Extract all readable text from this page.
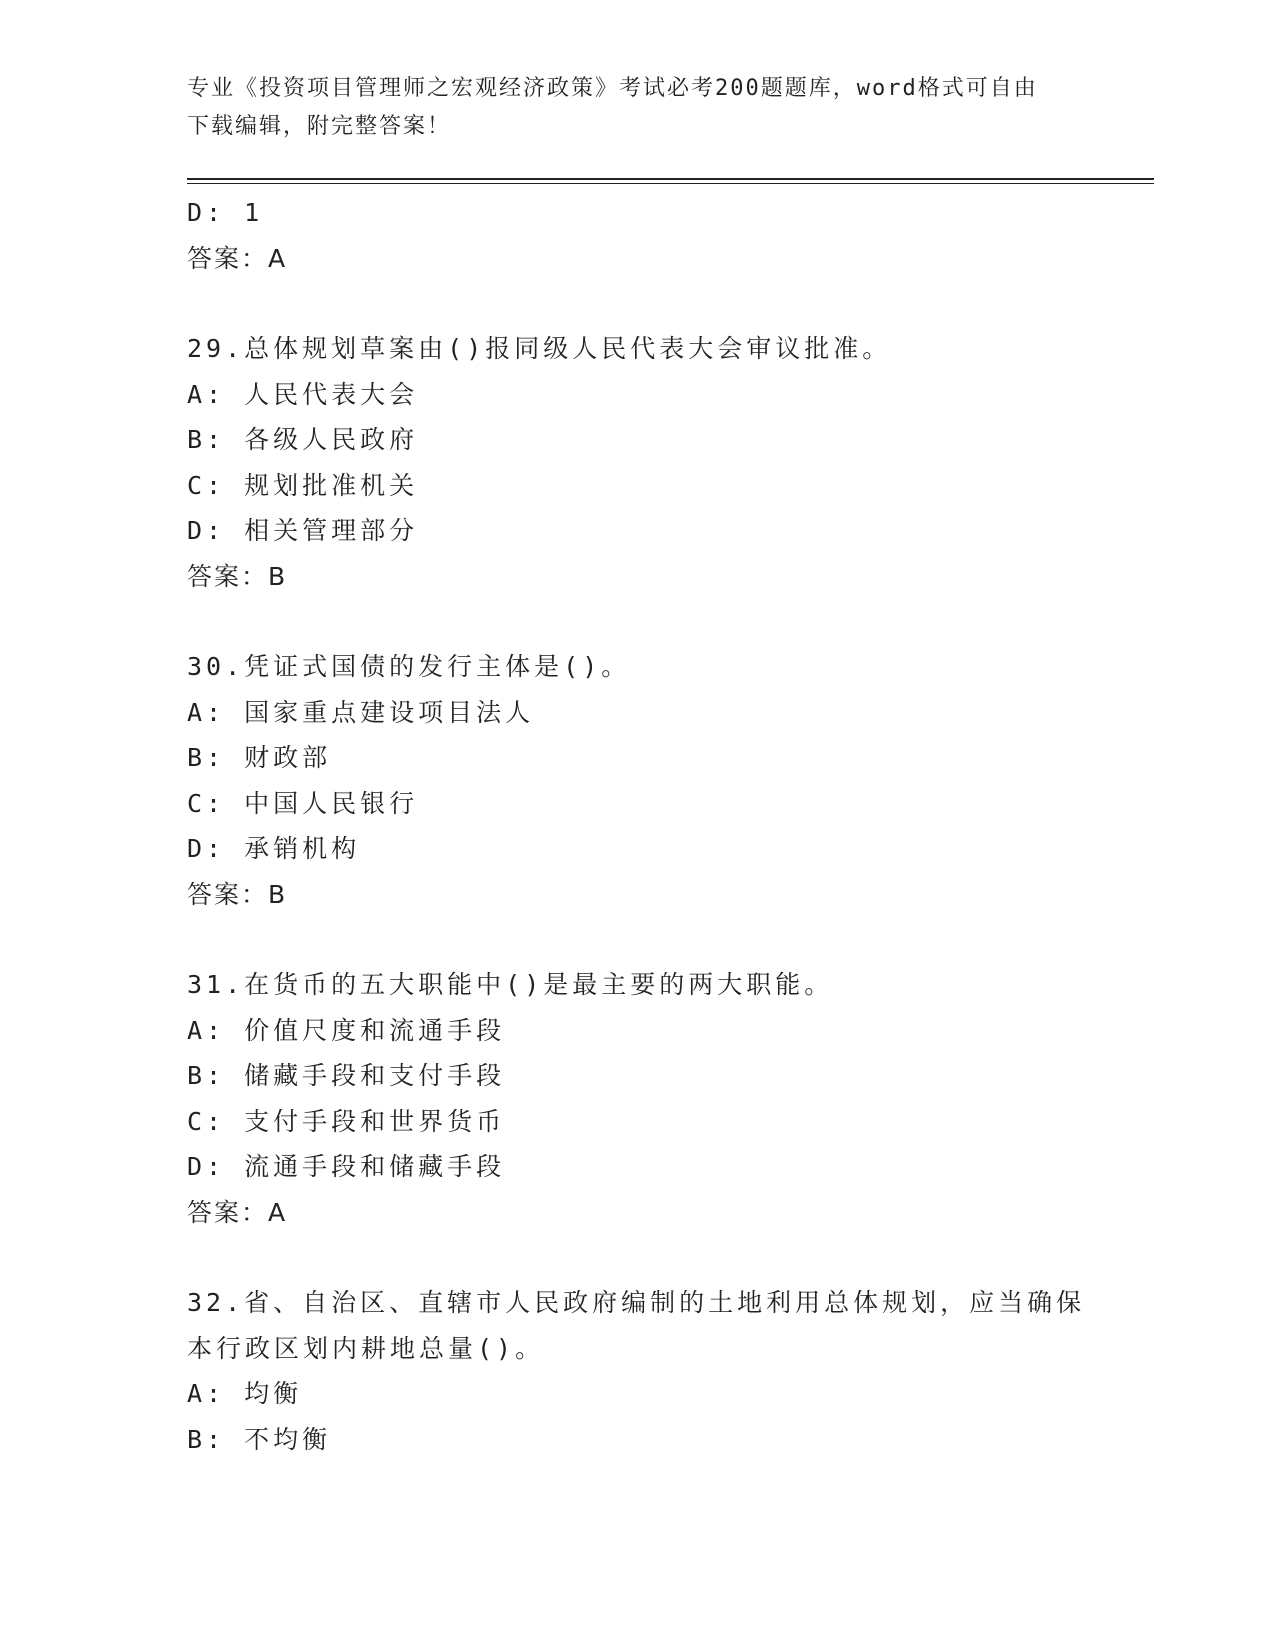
专业《投资项目管理师之宏观经济政策》考试必考200题题库，word格式可自由
下载编辑，附完整答案！
D: 1
答案：A
29.总体规划草案由()报同级人民代表大会审议批准。
A: 人民代表大会
B: 各级人民政府
C: 规划批准机关
D: 相关管理部分
答案：B
30.凭证式国债的发行主体是()。
A: 国家重点建设项目法人
B: 财政部
C: 中国人民银行
D: 承销机构
答案：B
31.在货币的五大职能中()是最主要的两大职能。
A: 价值尺度和流通手段
B: 储藏手段和支付手段
C: 支付手段和世界货币
D: 流通手段和储藏手段
答案：A
32.省、自治区、直辖市人民政府编制的土地利用总体规划，应当确保
本行政区划内耕地总量()。
A: 均衡
B: 不均衡
